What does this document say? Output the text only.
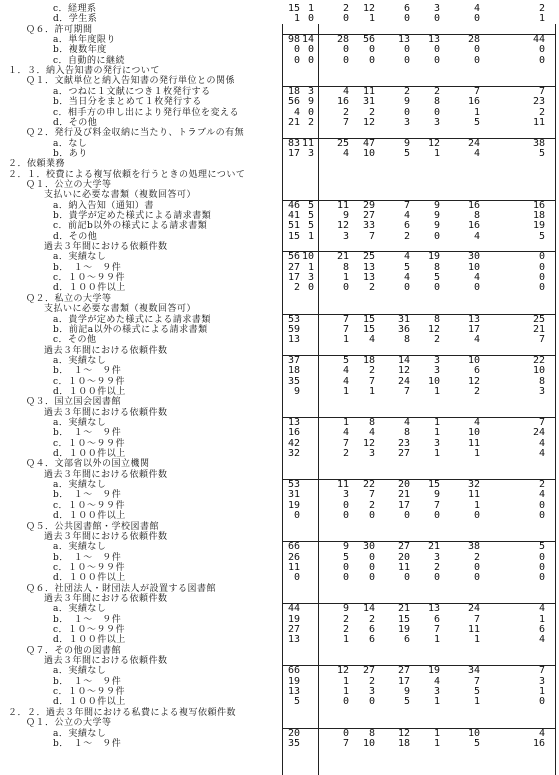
c．経理系	15 1	2	12	6	3	4	2
d．学生系	1 0	0	1	0	0	0	1
Ｑ６．許可期間
a．単年度限り	98 14	28	56	13	13	28	44
b．複数年度	0 0	0	0	0	0	0	0
c．自動的に継続	0 0	0	0	0	0	0	0
１．３．納入告知書の発行について
Ｑ１．文献単位と納入告知書の発行単位との関係
a．つねに１文献につき１枚発行する	18 3	4	11	2	2	7	7
b．当日分をまとめて１枚発行する	56 9	16	31	9	8	16	23
c．相手方の申し出により発行単位を変える	4 0	2	2	0	0	1	2
d．その他	21 2	7	12	3	3	5	11
Ｑ２．発行及び料金収納に当たり、トラブルの有無
a．なし	83 11	25	47	9	12	24	38
b．あり	17 3	4	10	5	1	4	5
２．依頼業務
２．１．校費による複写依頼を行うときの処理について
Ｑ１．公立の大学等
支払いに必要な書類（複数回答可）
a．納入告知（通知）書	46 5	11	29	7	9	16	16
b．貴学が定めた様式による請求書類	41 5	9	27	4	9	8	18
c．前記b以外の様式による請求書類	51 5	12	33	6	9	16	19
d．その他	15 1	3	7	2	0	4	5
過去３年間における依頼件数
a．実績なし	56 10	21	25	4	19	30	0
b．　１～　９件	27 1	8	13	5	8	10	0
c．１０～９９件	17 3	1	13	4	5	4	0
d．１００件以上	2 0	0	2	0	0	0	0
Ｑ２．私立の大学等
支払いに必要な書類（複数回答可）
a．貴学が定めた様式による請求書類	53	7	15	31	8	13	25
b．前記a以外の様式による請求書類	59	7	15	36	12	17	21
c．その他	13	1	4	8	2	4	7
過去３年間における依頼件数
a．実績なし	37	5	18	14	3	10	22
b．　１～　９件	18	4	2	12	3	6	10
c．１０～９９件	35	4	7	24	10	12	8
d．１００件以上	9	1	1	7	1	2	3
Ｑ３．国立国会図書館
過去３年間における依頼件数
a．実績なし	13	1	8	4	1	4	7
b．　１～　９件	16	4	4	8	1	10	24
c．１０～９９件	42	7	12	23	3	11	4
d．１００件以上	32	2	3	27	1	1	4
Ｑ４．文部省以外の国立機関
過去３年間における依頼件数
a．実績なし	53	11	22	20	15	32	2
b．　１～　９件	31	3	7	21	9	11	4
c．１０～９９件	19	0	2	17	7	1	0
d．１００件以上	0	0	0	0	0	0	0
Ｑ５．公共図書館・学校図書館
過去３年間における依頼件数
a．実績なし	66	9	30	27	21	38	5
b．　１～　９件	26	5	0	20	3	2	0
c．１０～９９件	11	0	0	11	2	0	0
d．１００件以上	0	0	0	0	0	0	0
Ｑ６．社団法人・財団法人が設置する図書館
過去３年間における依頼件数
a．実績なし	44	9	14	21	13	24	4
b．　１～　９件	19	2	2	15	6	7	1
c．１０～９９件	27	2	6	19	7	11	6
d．１００件以上	13	1	6	6	1	1	4
Ｑ７．その他の図書館
過去３年間における依頼件数
a．実績なし	66	12	27	27	19	34	7
b．　１～　９件	19	1	2	17	4	7	3
c．１０～９９件	13	1	3	9	3	5	1
d．１００件以上	5	0	0	5	1	1	0
２．２．過去３年間における私費による複写依頼件数
Ｑ１．公立の大学等
a．実績なし	20	0	8	12	1	10	4
b．　１～　９件	35	7	10	18	1	5	16
